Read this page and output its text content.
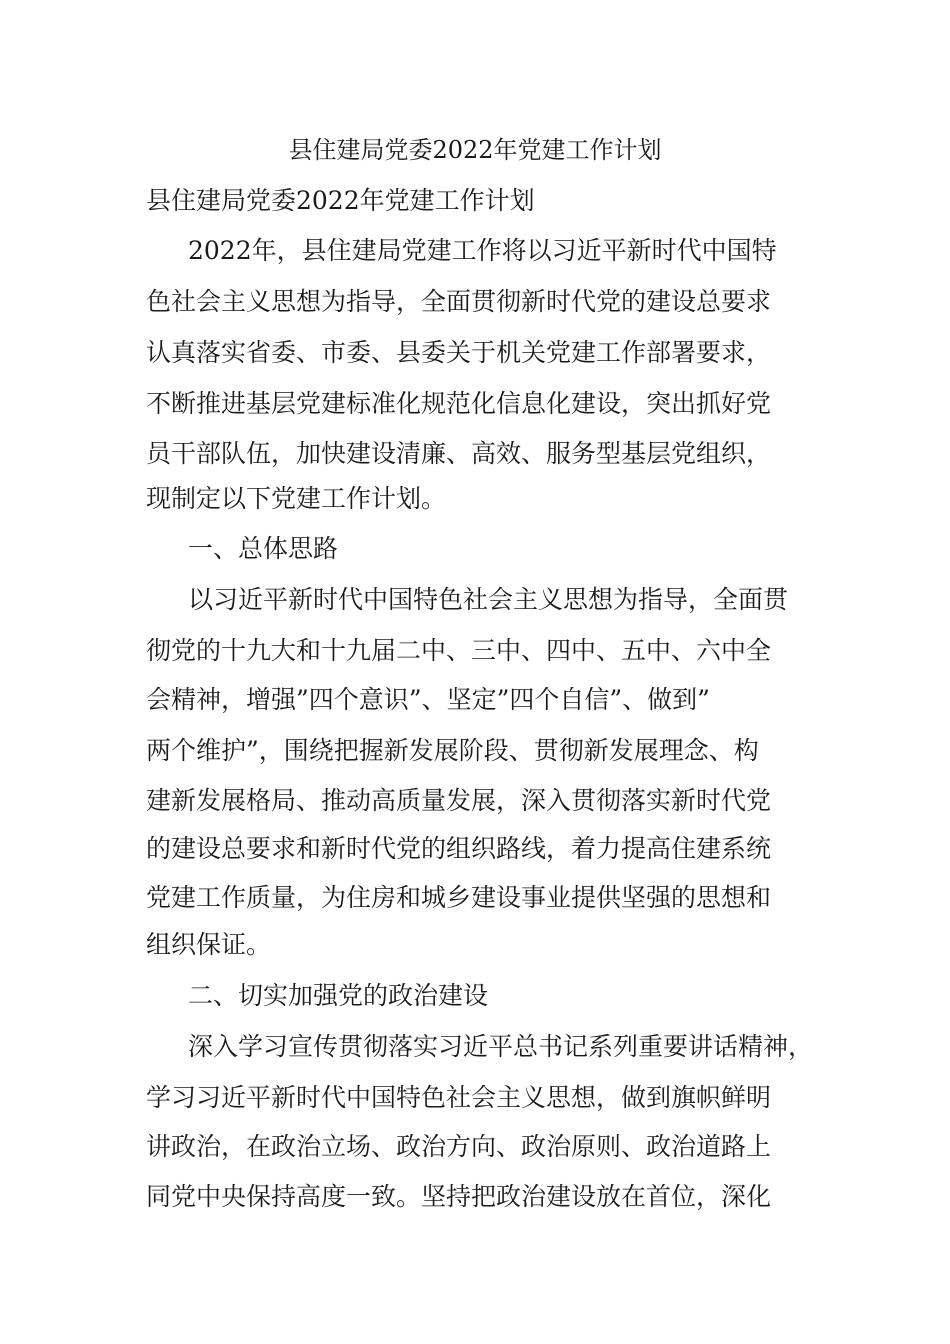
县住建局党委2022年党建工作计划
县住建局党委2022年党建工作计划
2022年，县住建局党建工作将以习近平新时代中国特
色社会主义思想为指导，全面贯彻新时代党的建设总要求
认真落实省委、市委、县委关于机关党建工作部署要求，
不断推进基层党建标准化规范化信息化建设，突出抓好党
员干部队伍，加快建设清廉、高效、服务型基层党组织，
现制定以下党建工作计划。
一、总体思路
以习近平新时代中国特色社会主义思想为指导，全面贯
彻党的十九大和十九届二中、三中、四中、五中、六中全
会精神，增强”四个意识”、坚定”四个自信”、做到”
两个维护”，围绕把握新发展阶段、贯彻新发展理念、构
建新发展格局、推动高质量发展，深入贯彻落实新时代党
的建设总要求和新时代党的组织路线，着力提高住建系统
党建工作质量，为住房和城乡建设事业提供坚强的思想和
组织保证。
二、切实加强党的政治建设
深入学习宣传贯彻落实习近平总书记系列重要讲话精神，
学习习近平新时代中国特色社会主义思想，做到旗帜鲜明
讲政治，在政治立场、政治方向、政治原则、政治道路上
同党中央保持高度一致。坚持把政治建设放在首位，深化
